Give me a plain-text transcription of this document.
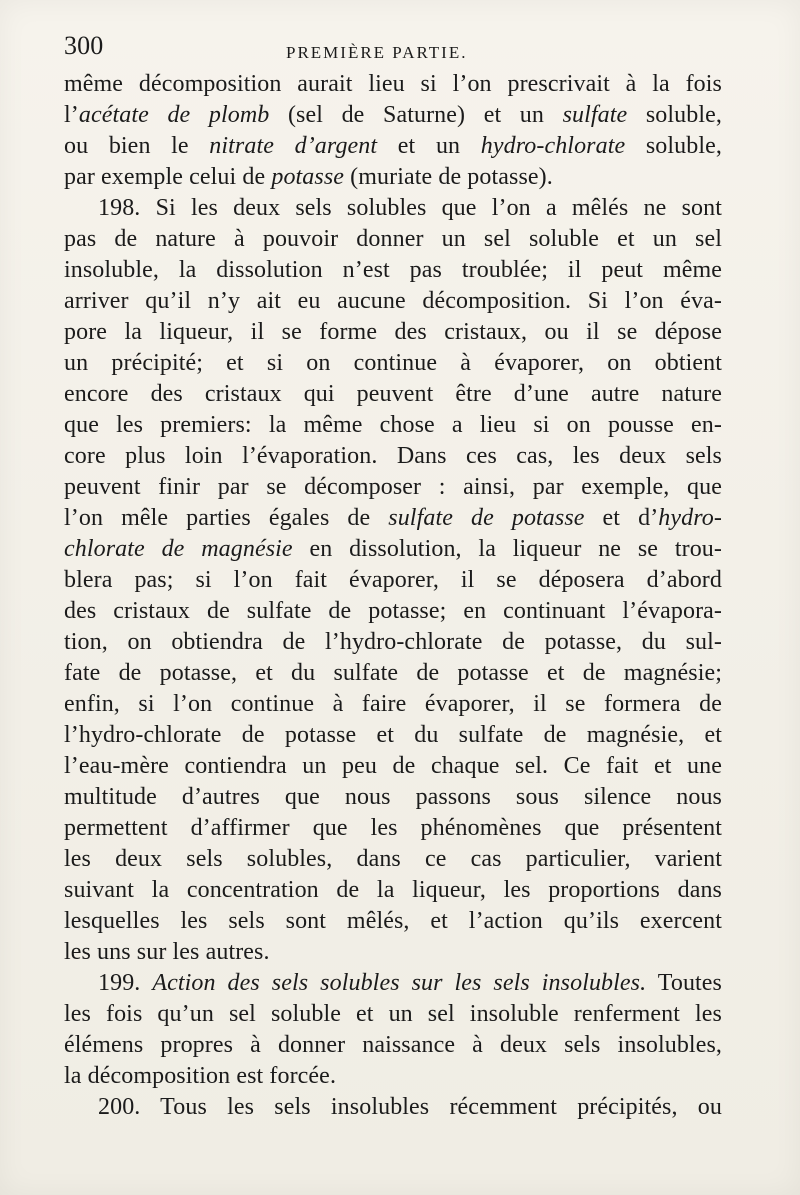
300	PREMIÈRE PARTIE.
même décomposition aurait lieu si l’on prescrivait à la fois
l’acétate de plomb (sel de Saturne) et un sulfate soluble,
ou bien le nitrate d’argent et un hydro-chlorate soluble,
par exemple celui de potasse (muriate de potasse).
198. Si les deux sels solubles que l’on a mêlés ne sont
pas de nature à pouvoir donner un sel soluble et un sel
insoluble, la dissolution n’est pas troublée; il peut même
arriver qu’il n’y ait eu aucune décomposition. Si l’on éva-
pore la liqueur, il se forme des cristaux, ou il se dépose
un précipité; et si on continue à évaporer, on obtient
encore des cristaux qui peuvent être d’une autre nature
que les premiers: la même chose a lieu si on pousse en-
core plus loin l’évaporation. Dans ces cas, les deux sels
peuvent finir par se décomposer : ainsi, par exemple, que
l’on mêle parties égales de sulfate de potasse et d’hydro-
chlorate de magnésie en dissolution, la liqueur ne se trou-
blera pas; si l’on fait évaporer, il se déposera d’abord
des cristaux de sulfate de potasse; en continuant l’évapora-
tion, on obtiendra de l’hydro-chlorate de potasse, du sul-
fate de potasse, et du sulfate de potasse et de magnésie;
enfin, si l’on continue à faire évaporer, il se formera de
l’hydro-chlorate de potasse et du sulfate de magnésie, et
l’eau-mère contiendra un peu de chaque sel. Ce fait et une
multitude d’autres que nous passons sous silence nous
permettent d’affirmer que les phénomènes que présentent
les deux sels solubles, dans ce cas particulier, varient
suivant la concentration de la liqueur, les proportions dans
lesquelles les sels sont mêlés, et l’action qu’ils exercent
les uns sur les autres.
199. Action des sels solubles sur les sels insolubles. Toutes
les fois qu’un sel soluble et un sel insoluble renferment les
élémens propres à donner naissance à deux sels insolubles,
la décomposition est forcée.
200. Tous les sels insolubles récemment précipités, ou
